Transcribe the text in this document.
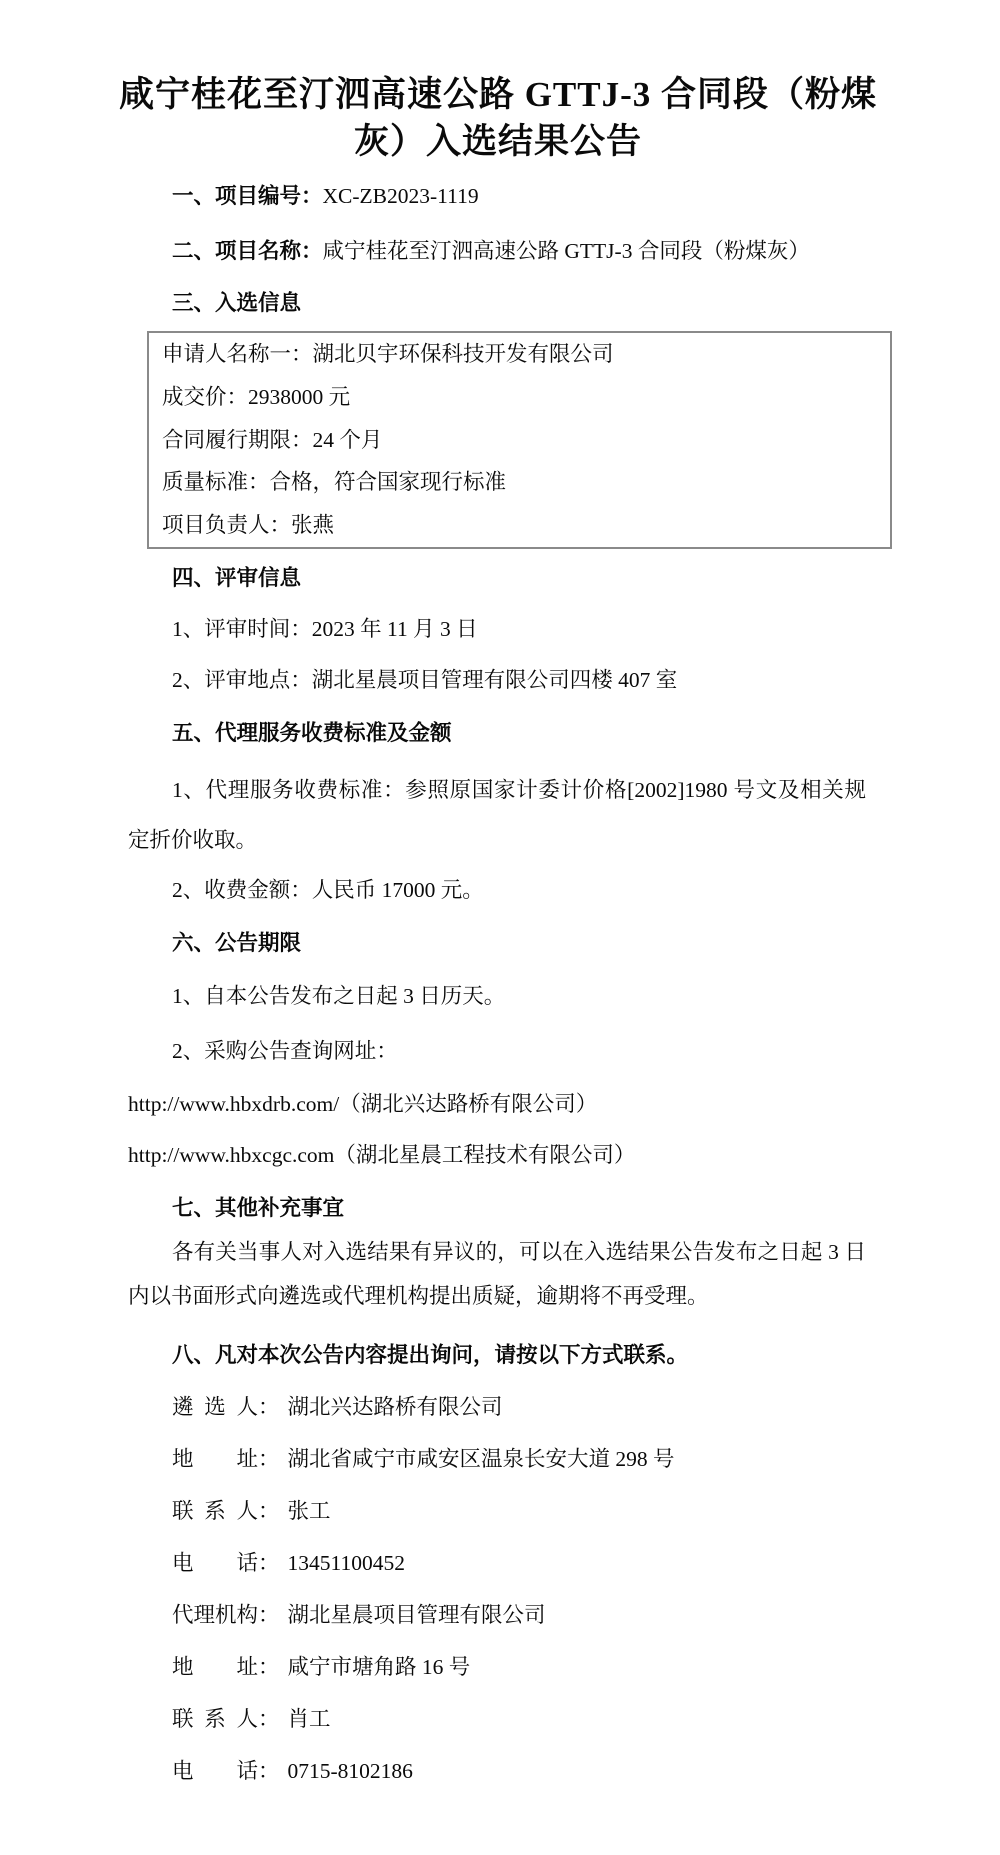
咸宁桂花至汀泗高速公路 GTTJ-3 合同段（粉煤
灰）入选结果公告

一、项目编号：XC-ZB2023-1119

二、项目名称：咸宁桂花至汀泗高速公路 GTTJ-3 合同段（粉煤灰）

三、入选信息

申请人名称一：湖北贝宇环保科技开发有限公司
成交价：2938000 元
合同履行期限：24 个月
质量标准：合格，符合国家现行标准
项目负责人：张燕

四、评审信息

1、评审时间：2023 年 11 月 3 日

2、评审地点：湖北星晨项目管理有限公司四楼 407 室

五、代理服务收费标准及金额

1、代理服务收费标准：参照原国家计委计价格[2002]1980 号文及相关规定折价收取。

2、收费金额：人民币 17000 元。

六、公告期限

1、自本公告发布之日起 3 日历天。

2、采购公告查询网址：

http://www.hbxdrb.com/（湖北兴达路桥有限公司）

http://www.hbxcgc.com（湖北星晨工程技术有限公司）

七、其他补充事宜

各有关当事人对入选结果有异议的，可以在入选结果公告发布之日起 3 日内以书面形式向遴选或代理机构提出质疑，逾期将不再受理。

八、凡对本次公告内容提出询问，请按以下方式联系。

遴 选 人： 湖北兴达路桥有限公司

地　　址： 湖北省咸宁市咸安区温泉长安大道 298 号

联 系 人： 张工

电　　话： 13451100452

代理机构： 湖北星晨项目管理有限公司

地　　址： 咸宁市塘角路 16 号

联 系 人： 肖工

电　　话： 0715-8102186
